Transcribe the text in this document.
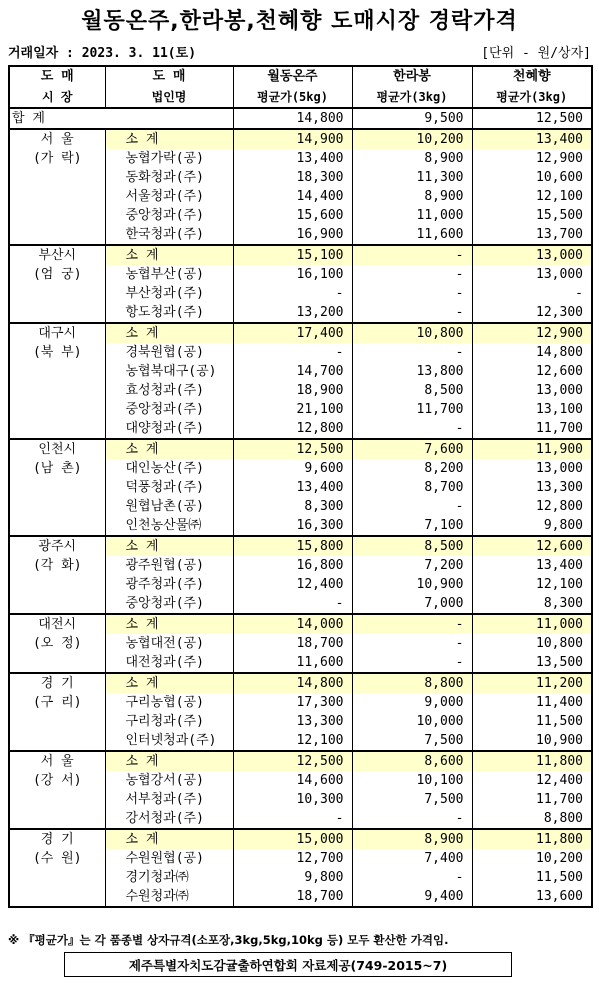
월동온주,한라봉,천혜향 도매시장 경락가격
거래일자 : 2023. 3. 11(토)	[단위 - 원/상자]
도 매	도 매	월동온주	한라봉	천혜향
시 장	법인명	평균가(5kg)	평균가(3kg)	평균가(3kg)
합 계		14,800	9,500	12,500

서 울
(가 락)	소 계	14,900	10,200	13,400
	농협가락(공)	13,400	8,900	12,900
	동화청과(주)	18,300	11,300	10,600
	서울청과(주)	14,400	8,900	12,100
	중앙청과(주)	15,600	11,000	15,500
	한국청과(주)	16,900	11,600	13,700

부산시
(엄 궁)	소 계	15,100	-	13,000
	농협부산(공)	16,100	-	13,000
	부산청과(주)	-	-	-
	항도청과(주)	13,200	-	12,300

대구시
(북 부)	소 계	17,400	10,800	12,900
	경북원협(공)	-	-	14,800
	농협북대구(공)	14,700	13,800	12,600
	효성청과(주)	18,900	8,500	13,000
	중앙청과(주)	21,100	11,700	13,100
	대양청과(주)	12,800	-	11,700

인천시
(남 촌)	소 계	12,500	7,600	11,900
	대인농산(주)	9,600	8,200	13,000
	덕풍청과(주)	13,400	8,700	13,300
	원협남촌(공)	8,300	-	12,800
	인천농산물㈜	16,300	7,100	9,800

광주시
(각 화)	소 계	15,800	8,500	12,600
	광주원협(공)	16,800	7,200	13,400
	광주청과(주)	12,400	10,900	12,100
	중앙청과(주)	-	7,000	8,300

대전시
(오 정)	소 계	14,000	-	11,000
	농협대전(공)	18,700	-	10,800
	대전청과(주)	11,600	-	13,500

경 기
(구 리)	소 계	14,800	8,800	11,200
	구리농협(공)	17,300	9,000	11,400
	구리청과(주)	13,300	10,000	11,500
	인터넷청과(주)	12,100	7,500	10,900

서 울
(강 서)	소 계	12,500	8,600	11,800
	농협강서(공)	14,600	10,100	12,400
	서부청과(주)	10,300	7,500	11,700
	강서청과(주)	-	-	8,800

경 기
(수 원)	소 계	15,000	8,900	11,800
	수원원협(공)	12,700	7,400	10,200
	경기청과㈜	9,800	-	11,500
	수원청과㈜	18,700	9,400	13,600
※ 『평균가』는 각 품종별 상자규격(소포장,3kg,5kg,10kg 등) 모두 환산한 가격임.
제주특별자치도감귤출하연합회 자료제공(749-2015~7)
